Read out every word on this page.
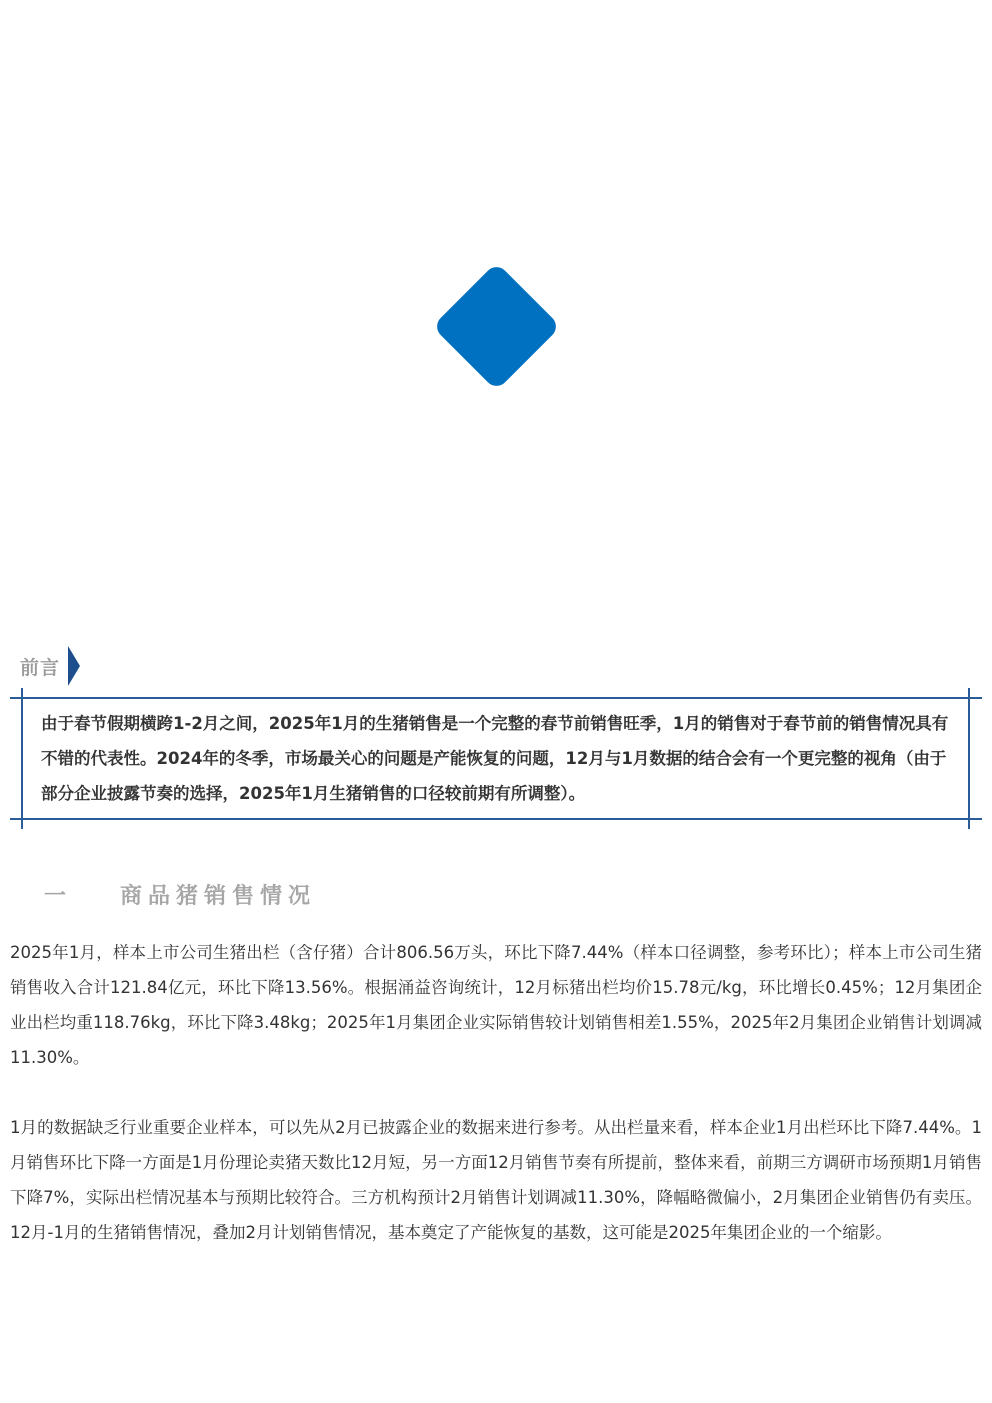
前言
由于春节假期横跨1-2月之间，2025年1月的生猪销售是一个完整的春节前销售旺季，1月的销售对于春节前的销售情况具有不错的代表性。2024年的冬季，市场最关心的问题是产能恢复的问题，12月与1月数据的结合会有一个更完整的视角（由于部分企业披露节奏的选择，2025年1月生猪销售的口径较前期有所调整）。
一	商品猪销售情况
2025年1月，样本上市公司生猪出栏（含仔猪）合计806.56万头，环比下降7.44%（样本口径调整，参考环比）；样本上市公司生猪销售收入合计121.84亿元，环比下降13.56%。根据涌益咨询统计，12月标猪出栏均价15.78元/kg，环比增长0.45%；12月集团企业出栏均重118.76kg，环比下降3.48kg；2025年1月集团企业实际销售较计划销售相差1.55%，2025年2月集团企业销售计划调减11.30%。
1月的数据缺乏行业重要企业样本，可以先从2月已披露企业的数据来进行参考。从出栏量来看，样本企业1月出栏环比下降7.44%。1月销售环比下降一方面是1月份理论卖猪天数比12月短，另一方面12月销售节奏有所提前，整体来看，前期三方调研市场预期1月销售下降7%，实际出栏情况基本与预期比较符合。三方机构预计2月销售计划调减11.30%，降幅略微偏小，2月集团企业销售仍有卖压。12月-1月的生猪销售情况，叠加2月计划销售情况，基本奠定了产能恢复的基数，这可能是2025年集团企业的一个缩影。
